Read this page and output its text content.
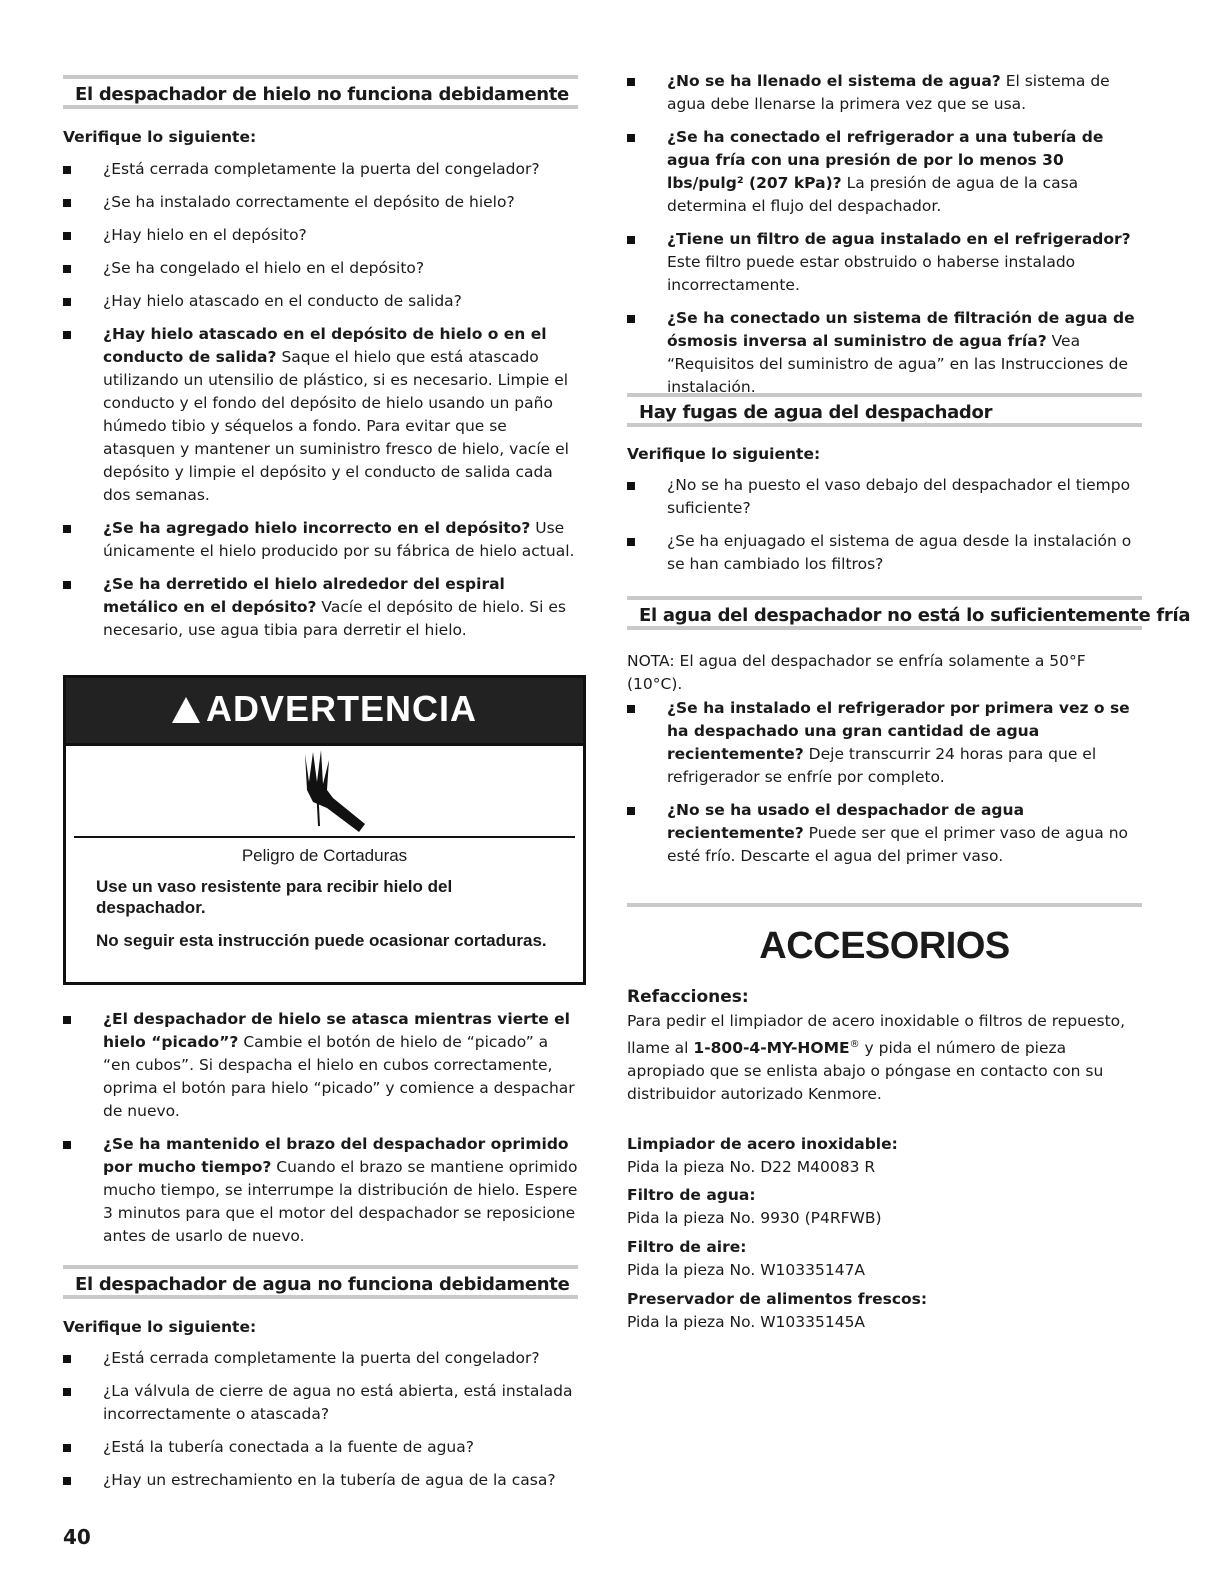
El despachador de hielo no funciona debidamente
Verifique lo siguiente:
¿Está cerrada completamente la puerta del congelador?
¿Se ha instalado correctamente el depósito de hielo?
¿Hay hielo en el depósito?
¿Se ha congelado el hielo en el depósito?
¿Hay hielo atascado en el conducto de salida?
¿Hay hielo atascado en el depósito de hielo o en el conducto de salida? Saque el hielo que está atascado utilizando un utensilio de plástico, si es necesario. Limpie el conducto y el fondo del depósito de hielo usando un paño húmedo tibio y séquelos a fondo. Para evitar que se atasquen y mantener un suministro fresco de hielo, vacíe el depósito y limpie el depósito y el conducto de salida cada dos semanas.
¿Se ha agregado hielo incorrecto en el depósito? Use únicamente el hielo producido por su fábrica de hielo actual.
¿Se ha derretido el hielo alrededor del espiral metálico en el depósito? Vacíe el depósito de hielo. Si es necesario, use agua tibia para derretir el hielo.
¿El despachador de hielo se atasca mientras vierte el hielo “picado”? Cambie el botón de hielo de “picado” a “en cubos”. Si despacha el hielo en cubos correctamente, oprima el botón para hielo “picado” y comience a despachar de nuevo.
¿Se ha mantenido el brazo del despachador oprimido por mucho tiempo? Cuando el brazo se mantiene oprimido mucho tiempo, se interrumpe la distribución de hielo. Espere 3 minutos para que el motor del despachador se reposicione antes de usarlo de nuevo.
El despachador de agua no funciona debidamente
Verifique lo siguiente:
¿Está cerrada completamente la puerta del congelador?
¿La válvula de cierre de agua no está abierta, está instalada incorrectamente o atascada?
¿Está la tubería conectada a la fuente de agua?
¿Hay un estrechamiento en la tubería de agua de la casa?
ADVERTENCIA
Peligro de Cortaduras
Use un vaso resistente para recibir hielo del despachador.
No seguir esta instrucción puede ocasionar cortaduras.
¿No se ha llenado el sistema de agua? El sistema de agua debe llenarse la primera vez que se usa.
¿Se ha conectado el refrigerador a una tubería de agua fría con una presión de por lo menos 30 lbs/pulg² (207 kPa)? La presión de agua de la casa determina el flujo del despachador.
¿Tiene un filtro de agua instalado en el refrigerador? Este filtro puede estar obstruido o haberse instalado incorrectamente.
¿Se ha conectado un sistema de filtración de agua de ósmosis inversa al suministro de agua fría? Vea “Requisitos del suministro de agua” en las Instrucciones de instalación.
Hay fugas de agua del despachador
Verifique lo siguiente:
¿No se ha puesto el vaso debajo del despachador el tiempo suficiente?
¿Se ha enjuagado el sistema de agua desde la instalación o se han cambiado los filtros?
El agua del despachador no está lo suficientemente fría

NOTA: El agua del despachador se enfría solamente a 50°F (10°C).

¿Se ha instalado el refrigerador por primera vez o se ha despachado una gran cantidad de agua recientemente? Deje transcurrir 24 horas para que el refrigerador se enfríe por completo.
¿No se ha usado el despachador de agua recientemente? Puede ser que el primer vaso de agua no esté frío. Descarte el agua del primer vaso.
ACCESORIOS
Refacciones:

Para pedir el limpiador de acero inoxidable o filtros de repuesto, llame al 1-800-4-MY-HOME® y pida el número de pieza apropiado que se enlista abajo o póngase en contacto con su distribuidor autorizado Kenmore.

Limpiador de acero inoxidable:
Pida la pieza No. D22 M40083 R
Filtro de agua:
Pida la pieza No. 9930 (P4RFWB)
Filtro de aire:
Pida la pieza No. W10335147A
Preservador de alimentos frescos:
Pida la pieza No. W10335145A
40
